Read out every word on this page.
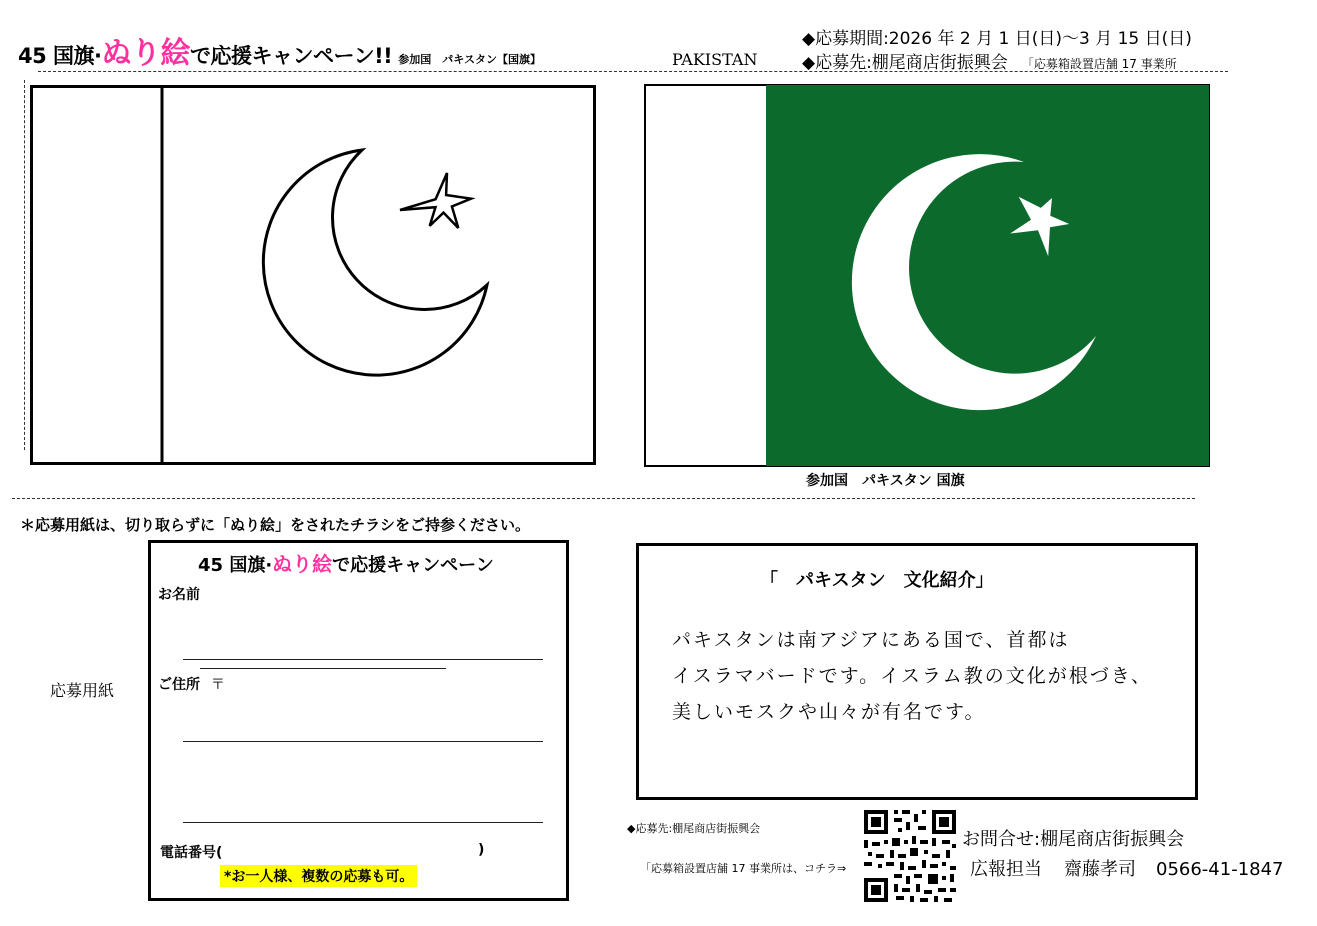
45 国旗·ぬり絵で応援キャンペーン!! 参加国　パキスタン【国旗】	PAKISTAN
◆応募期間:2026 年 2 月 1 日(日)～3 月 15 日(日)
◆応募先:棚尾商店街振興会 「応募箱設置店舗 17 事業所
参加国　パキスタン 国旗
＊応募用紙は、切り取らずに「ぬり絵」をされたチラシをご持参ください。
応募用紙
45 国旗·ぬり絵で応援キャンペーン
お名前
ご住所 〒
電話番号(	)
*お一人様、複数の応募も可。
「　パキスタン　文化紹介」
パキスタンは南アジアにある国で、首都は
イスラマバードです。イスラム教の文化が根づき、
美しいモスクや山々が有名です。
◆応募先:棚尾商店街振興会
「応募箱設置店舗 17 事業所は、コチラ⇒
お問合せ:棚尾商店街振興会
広報担当 齋藤孝司 0566-41-1847
